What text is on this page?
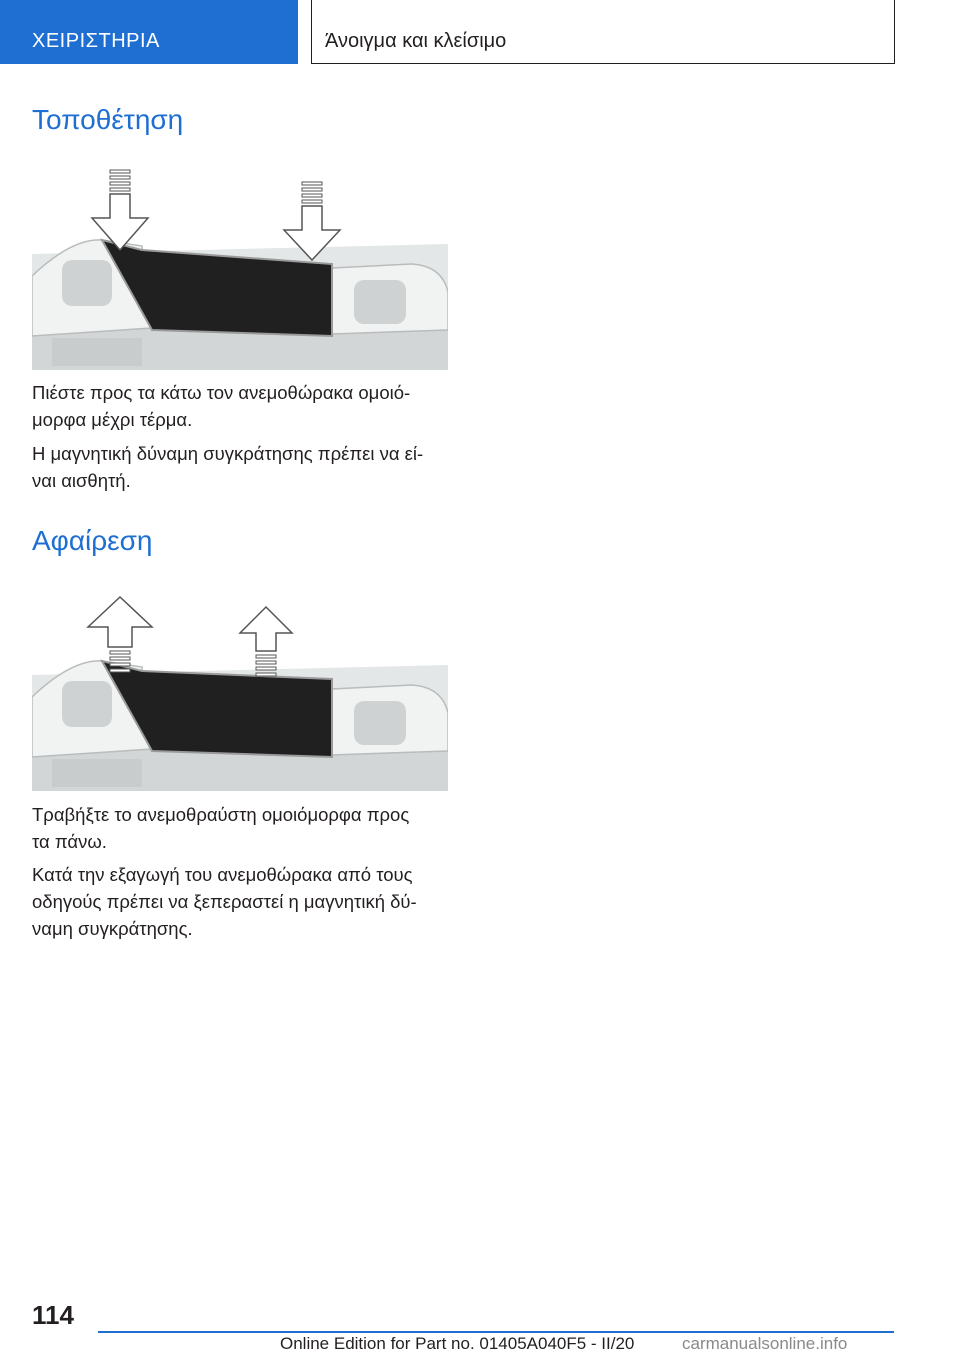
ΧΕΙΡΙΣΤΗΡΙΑ	Άνοιγμα και κλείσιμο
Τοποθέτηση

Πιέστε προς τα κάτω τον ανεμοθώρακα ομοιό-
μορφα μέχρι τέρμα.

Η μαγνητική δύναμη συγκράτησης πρέπει να εί-
ναι αισθητή.

Αφαίρεση

Τραβήξτε το ανεμοθραύστη ομοιόμορφα προς
τα πάνω.

Κατά την εξαγωγή του ανεμοθώρακα από τους
οδηγούς πρέπει να ξεπεραστεί η μαγνητική δύ-
ναμη συγκράτησης.

114
Online Edition for Part no. 01405A040F5 - II/20	carmanualsonline.info
